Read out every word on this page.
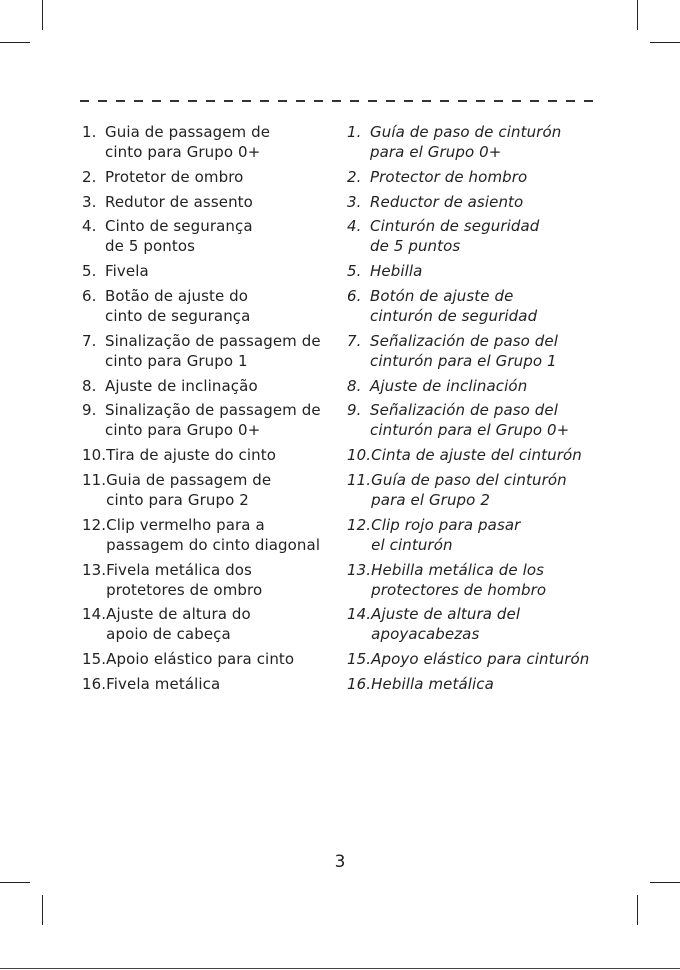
1. Guia de passagem de
cinto para Grupo 0+
2. Protetor de ombro
3. Redutor de assento
4. Cinto de segurança
de 5 pontos
5. Fivela
6. Botão de ajuste do
cinto de segurança
7. Sinalização de passagem de
cinto para Grupo 1
8. Ajuste de inclinação
9. Sinalização de passagem de
cinto para Grupo 0+
10. Tira de ajuste do cinto
11. Guia de passagem de
cinto para Grupo 2
12. Clip vermelho para a
passagem do cinto diagonal
13. Fivela metálica dos
protetores de ombro
14. Ajuste de altura do
apoio de cabeça
15. Apoio elástico para cinto
16. Fivela metálica
1. Guía de paso de cinturón
para el Grupo 0+
2. Protector de hombro
3. Reductor de asiento
4. Cinturón de seguridad
de 5 puntos
5. Hebilla
6. Botón de ajuste de
cinturón de seguridad
7. Señalización de paso del
cinturón para el Grupo 1
8. Ajuste de inclinación
9. Señalización de paso del
cinturón para el Grupo 0+
10. Cinta de ajuste del cinturón
11. Guía de paso del cinturón
para el Grupo 2
12. Clip rojo para pasar
el cinturón
13. Hebilla metálica de los
protectores de hombro
14. Ajuste de altura del
apoyacabezas
15. Apoyo elástico para cinturón
16. Hebilla metálica
3
